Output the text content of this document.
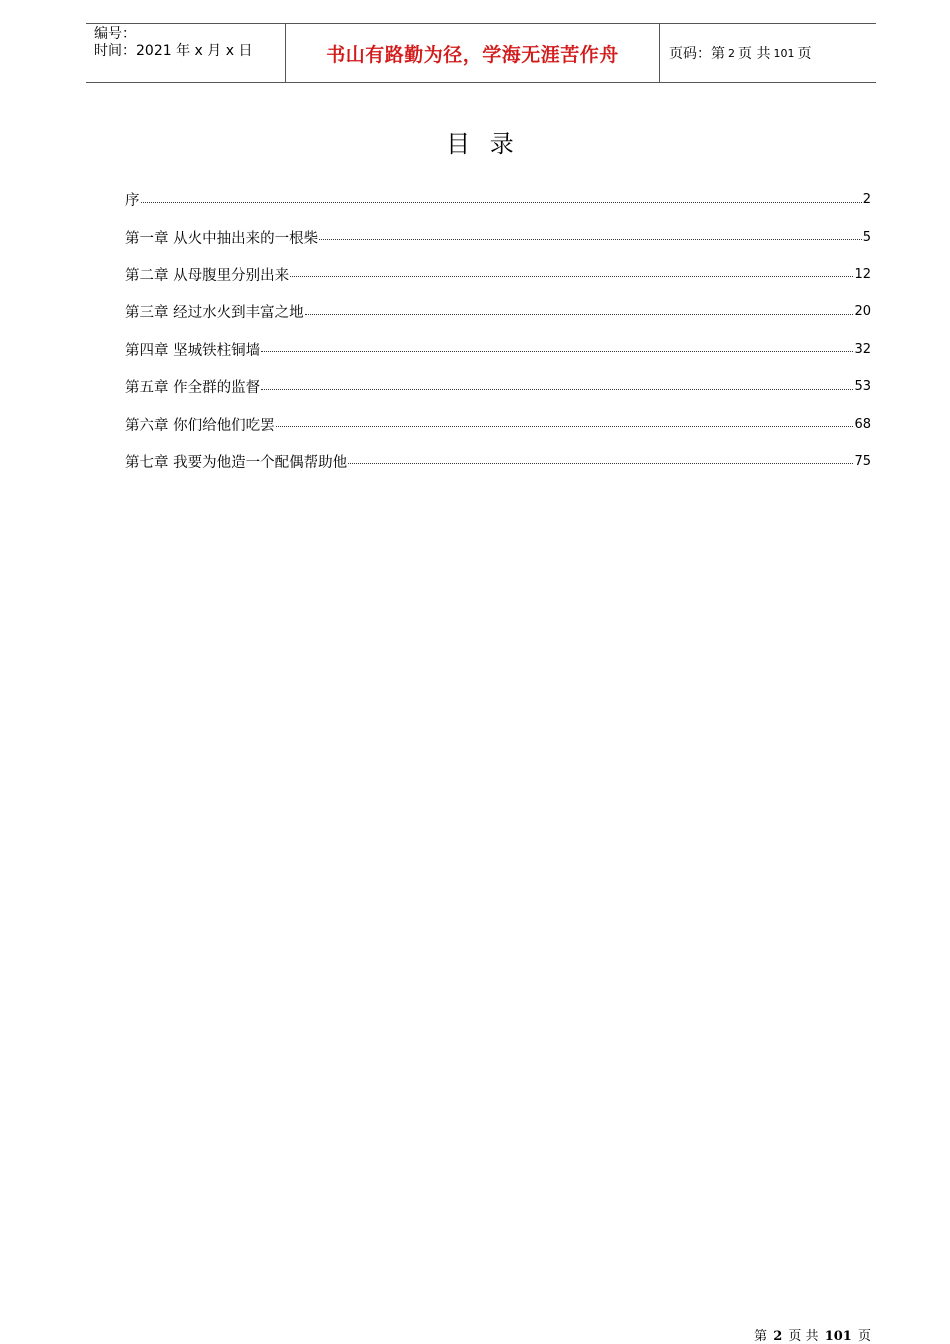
编号：
时间：2021 年 x 月 x 日	书山有路勤为径，学海无涯苦作舟	页码：第 2 页 共 101 页
目 录
序	2
第一章 从火中抽出来的一根柴	5
第二章 从母腹里分别出来	12
第三章 经过水火到丰富之地	20
第四章 坚城铁柱铜墙	32
第五章 作全群的监督	53
第六章 你们给他们吃罢	68
第七章 我要为他造一个配偶帮助他	75
第 2 页 共 101 页
